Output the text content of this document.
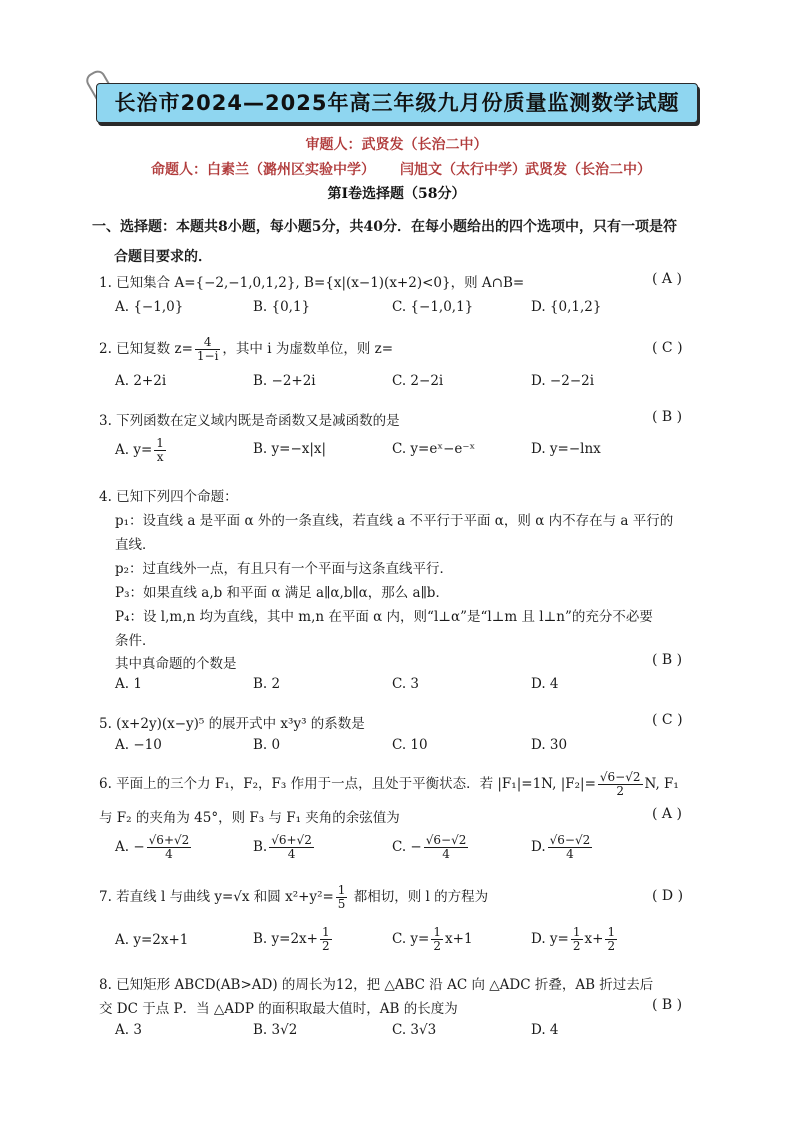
长治市2024—2025年高三年级九月份质量监测数学试题
审题人：武贤发（长治二中）
命题人：白素兰（潞州区实验中学） 闫旭文（太行中学） 武贤发（长治二中）
第Ⅰ卷选择题（58分）
一、选择题：本题共8小题，每小题5分，共40分．在每小题给出的四个选项中，只有一项是符
合题目要求的．
1. 已知集合 A={−2,−1,0,1,2}, B={x|(x−1)(x+2)<0}，则 A∩B=	( A )
A. {−1,0}	B. {0,1}	C. {−1,0,1}	D. {0,1,2}
2. 已知复数 $z= \frac{4}{1-i}$ ，其中 i 为虚数单位，则 z=	( C )
A. 2+2i	B. −2+2i	C. 2−2i	D. −2−2i
3. 下列函数在定义域内既是奇函数又是减函数的是	( B )
A. $y= \frac{1}{x}$	B. y=−x|x|	C. y=eˣ−e⁻ˣ	D. y=−lnx
4. 已知下列四个命题：
p₁：设直线 a 是平面 α 外的一条直线，若直线 a 不平行于平面 α，则 α 内不存在与 a 平行的
直线．
p₂：过直线外一点，有且只有一个平面与这条直线平行．
P₃：如果直线 a,b 和平面 α 满足 a∥α,b∥α，那么 a∥b．
P₄：设 l,m,n 均为直线，其中 m,n 在平面 α 内，则“l⊥α”是“l⊥m 且 l⊥n”的充分不必要
条件．
其中真命题的个数是	( B )
A. 1	B. 2	C. 3	D. 4
5. (x+2y)(x−y)⁵ 的展开式中 x³y³ 的系数是	( C )
A. −10	B. 0	C. 10	D. 30
6. 平面上的三个力 F₁，F₂，F₃ 作用于一点，且处于平衡状态．若 |F₁|=1N, $|F_2|= \frac{√6-√2}{2} N$, F₁
与 F₂ 的夹角为 45°，则 F₃ 与 F₁ 夹角的余弦值为	( A )
A. − $\frac{√6+√2}{4}$	B. $\frac{√6+√2}{4}$	C. − $\frac{√6-√2}{4}$	D. $\frac{√6-√2}{4}$
7. 若直线 l 与曲线 y=√x 和圆 $x^2+y^2= \frac{1}{5}$ 都相切，则 l 的方程为	( D )
A. y=2x+1	B. $y=2x+ \frac{1}{2}$	C. $y= \frac{1}{2} x+1$	D. $y= \frac{1}{2} x+ \frac{1}{2}$
8. 已知矩形 ABCD(AB>AD) 的周长为12，把 △ABC 沿 AC 向 △ADC 折叠，AB 折过去后
交 DC 于点 P．当 △ADP 的面积取最大值时，AB 的长度为	( B )
A. 3	B. 3√2	C. 3√3	D. 4
